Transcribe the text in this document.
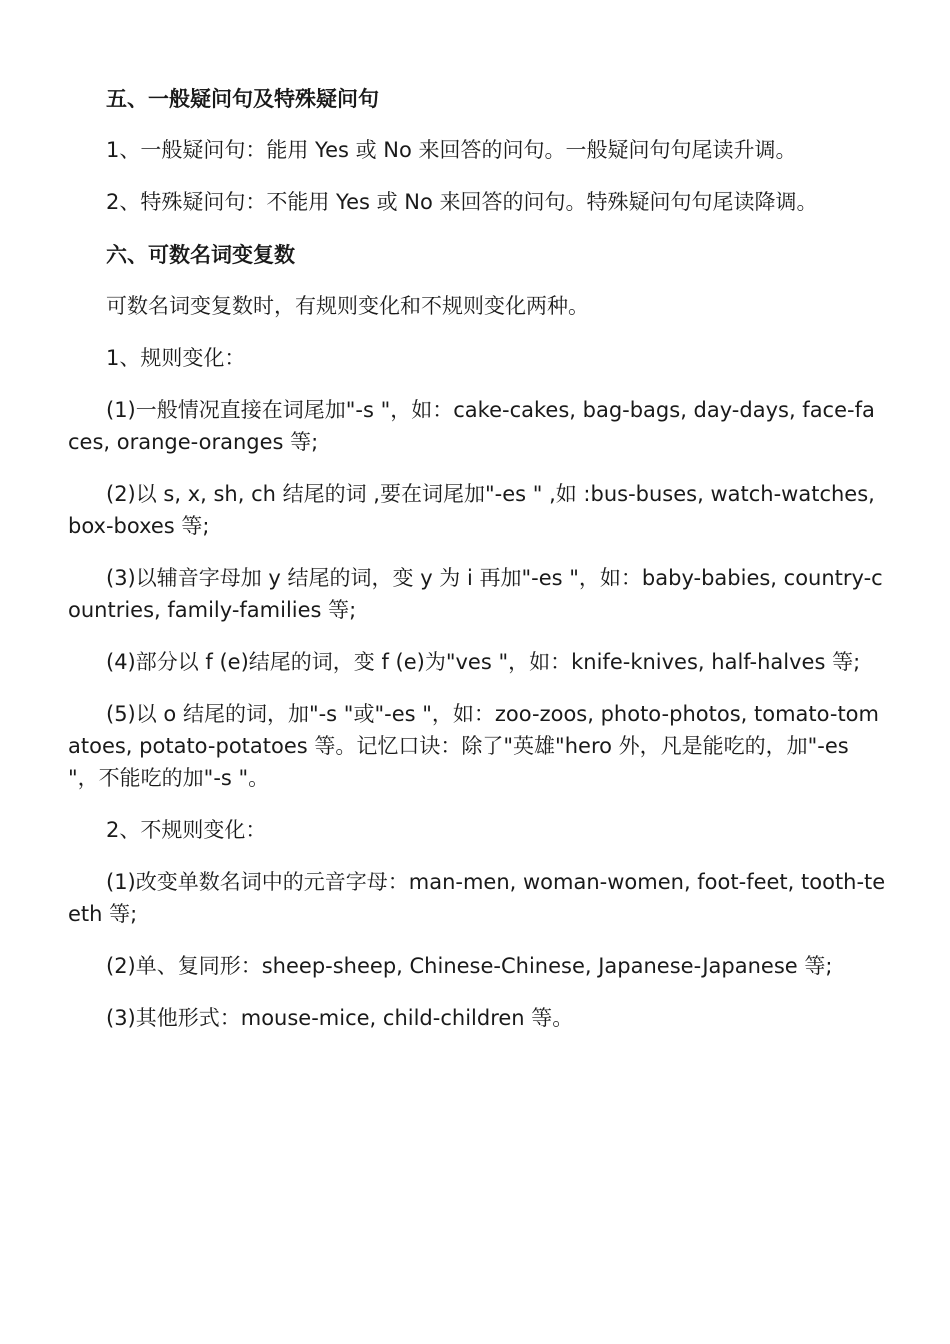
五、一般疑问句及特殊疑问句

1、一般疑问句：能用 Yes 或 No 来回答的问句。一般疑问句句尾读升调。

2、特殊疑问句：不能用 Yes 或 No 来回答的问句。特殊疑问句句尾读降调。

六、可数名词变复数

可数名词变复数时，有规则变化和不规则变化两种。

1、规则变化：

(1)一般情况直接在词尾加"-s "，如：cake-cakes, bag-bags, day-days, face-faces, orange-oranges 等;

(2)以 s, x, sh, ch 结尾的词 ,要在词尾加"-es " ,如 :bus-buses, watch-watches, box-boxes 等;

(3)以辅音字母加 y 结尾的词，变 y 为 i 再加"-es "，如：baby-babies, country-countries, family-families 等;

(4)部分以 f (e)结尾的词，变 f (e)为"ves "，如：knife-knives, half-halves 等;

(5)以 o 结尾的词，加"-s "或"-es "，如：zoo-zoos, photo-photos, tomato-tomatoes, potato-potatoes 等。记忆口诀：除了"英雄"hero 外，凡是能吃的，加"-es "，不能吃的加"-s "。

2、不规则变化：

(1)改变单数名词中的元音字母：man-men, woman-women, foot-feet, tooth-teeth 等;

(2)单、复同形：sheep-sheep, Chinese-Chinese, Japanese-Japanese 等;

(3)其他形式：mouse-mice, child-children 等。
